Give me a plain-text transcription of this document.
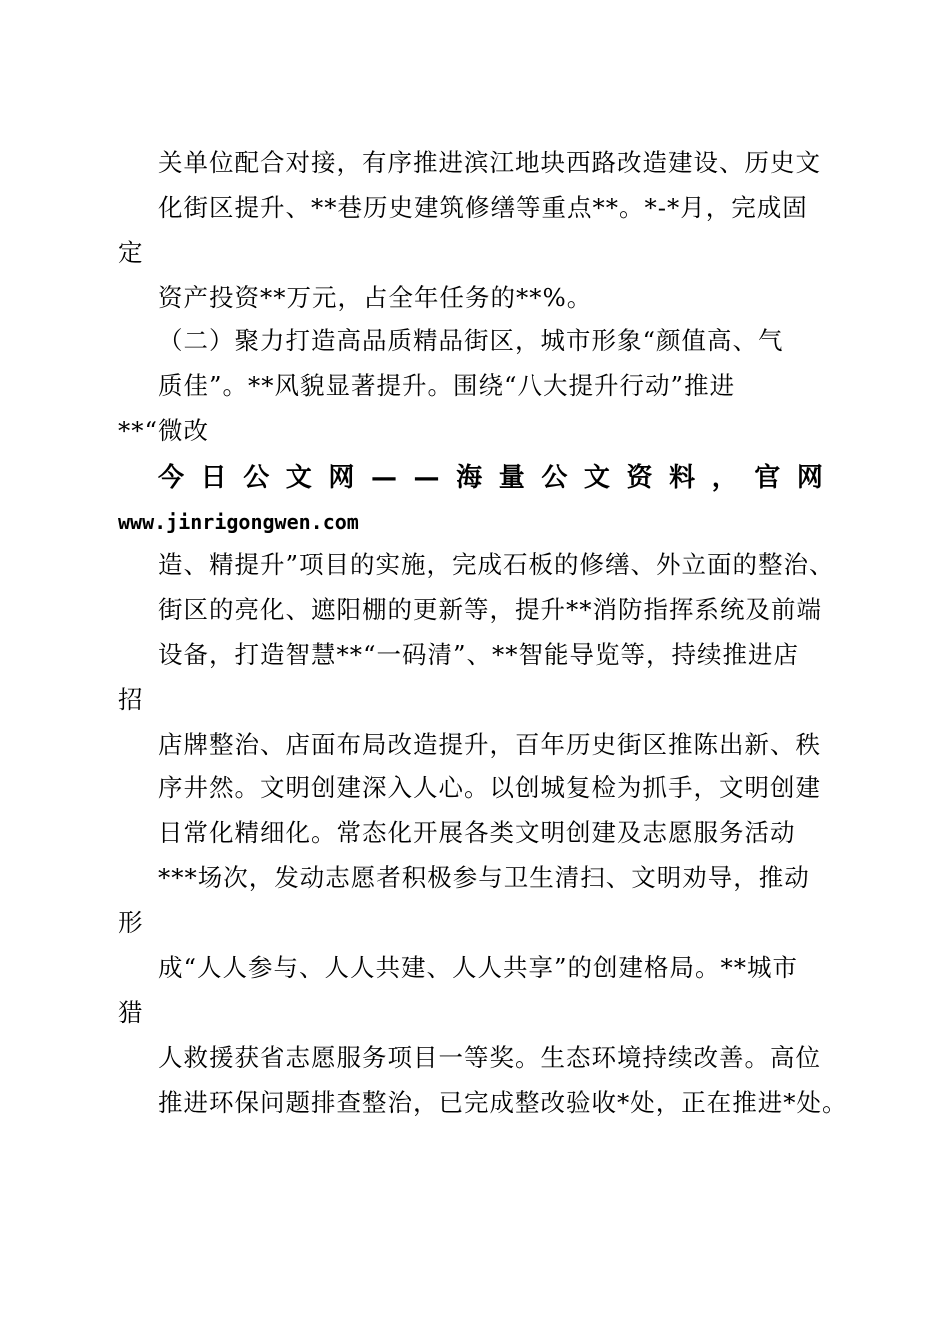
关单位配合对接，有序推进滨江地块西路改造建设、历史文
化街区提升、**巷历史建筑修缮等重点**。*-*月，完成固
定
资产投资**万元，占全年任务的**%。
（二）聚力打造高品质精品街区，城市形象“颜值高、气
质佳”。**风貌显著提升。围绕“八大提升行动”推进
**“微改
今 日 公 文 网 — — 海 量 公 文 资 料 ， 官 网
www.jinrigongwen.com
造、精提升”项目的实施，完成石板的修缮、外立面的整治、
街区的亮化、遮阳棚的更新等，提升**消防指挥系统及前端
设备，打造智慧**“一码清”、**智能导览等，持续推进店
招
店牌整治、店面布局改造提升，百年历史街区推陈出新、秩
序井然。文明创建深入人心。以创城复检为抓手，文明创建
日常化精细化。常态化开展各类文明创建及志愿服务活动
***场次，发动志愿者积极参与卫生清扫、文明劝导，推动
形
成“人人参与、人人共建、人人共享”的创建格局。**城市
猎
人救援获省志愿服务项目一等奖。生态环境持续改善。高位
推进环保问题排查整治，已完成整改验收*处，正在推进*处。
